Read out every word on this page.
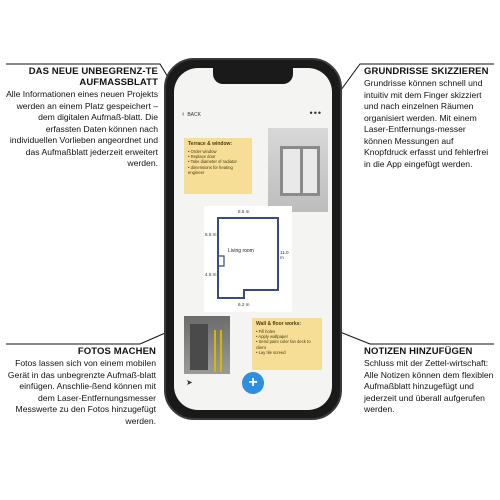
DAS NEUE UNBEGRENZ-TE AUFMASSBLATT

Alle Informationen eines neuen Projekts werden an einem Platz gespeichert – dem digitalen Aufmaß-blatt. Die erfassten Daten können nach individuellen Vorlieben angeordnet und das Aufmaßblatt jederzeit erweitert werden.

GRUNDRISSE SKIZZIEREN

Grundrisse können schnell und intuitiv mit dem Finger skizziert und nach einzelnen Räumen organisiert werden. Mit einem Laser-Entfernungs-messer können Messungen auf Knopfdruck erfasst und fehlerfrei in die App eingefügt werden.

FOTOS MACHEN

Fotos lassen sich von einem mobilen Gerät in das unbegrenzte Aufmaß-blatt einfügen. Anschlie-ßend können mit dem Laser-Entfernungsmesser Messwerte zu den Fotos hinzugefügt werden.

NOTIZEN HINZUFÜGEN

Schluss mit der Zettel-wirtschaft: Alle Notizen können dem flexiblen Aufmaßblatt hinzugefügt und jederzeit und überall aufgerufen werden.

‹ BACK	•••
Terrace & window:
• Order window
• Replace door
• Take diameter of radiator
• dimensions for heating engineer
Living room
8.5 m
5.5 m
4.5 m
11.0 m
6.2 m
Wall & floor works:
• Fill holes
• Apply wallpaper
• Send paint color fan deck to client
• Lay tile screed
➤	+
